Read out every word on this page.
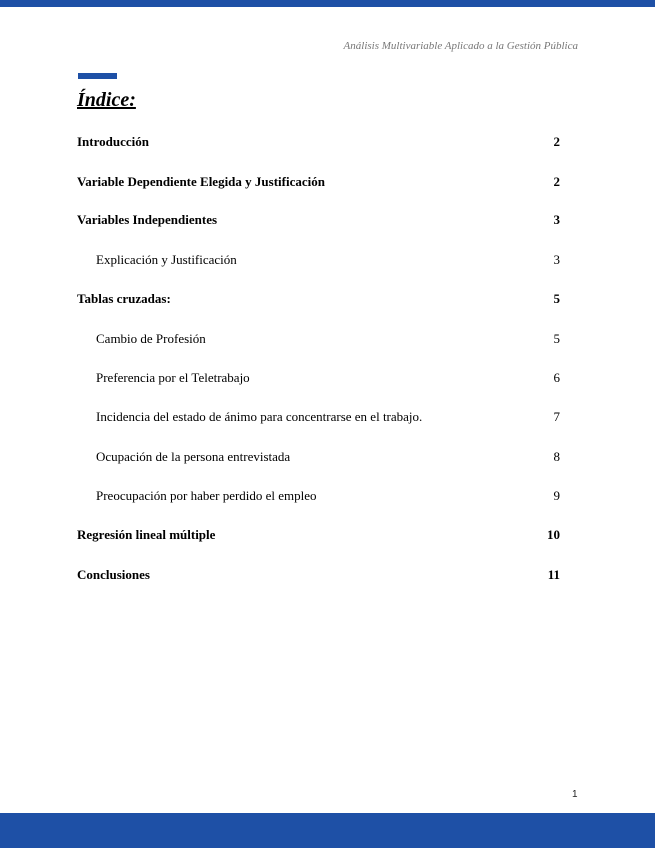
Análisis Multivariable Aplicado a la Gestión Pública
Índice:
Introducción	2
Variable Dependiente Elegida y Justificación	2
Variables Independientes	3
Explicación y Justificación	3
Tablas cruzadas:	5
Cambio de Profesión	5
Preferencia por el Teletrabajo	6
Incidencia del estado de ánimo para concentrarse en el trabajo.	7
Ocupación de la persona entrevistada	8
Preocupación por haber perdido el empleo	9
Regresión lineal múltiple	10
Conclusiones	11
1
